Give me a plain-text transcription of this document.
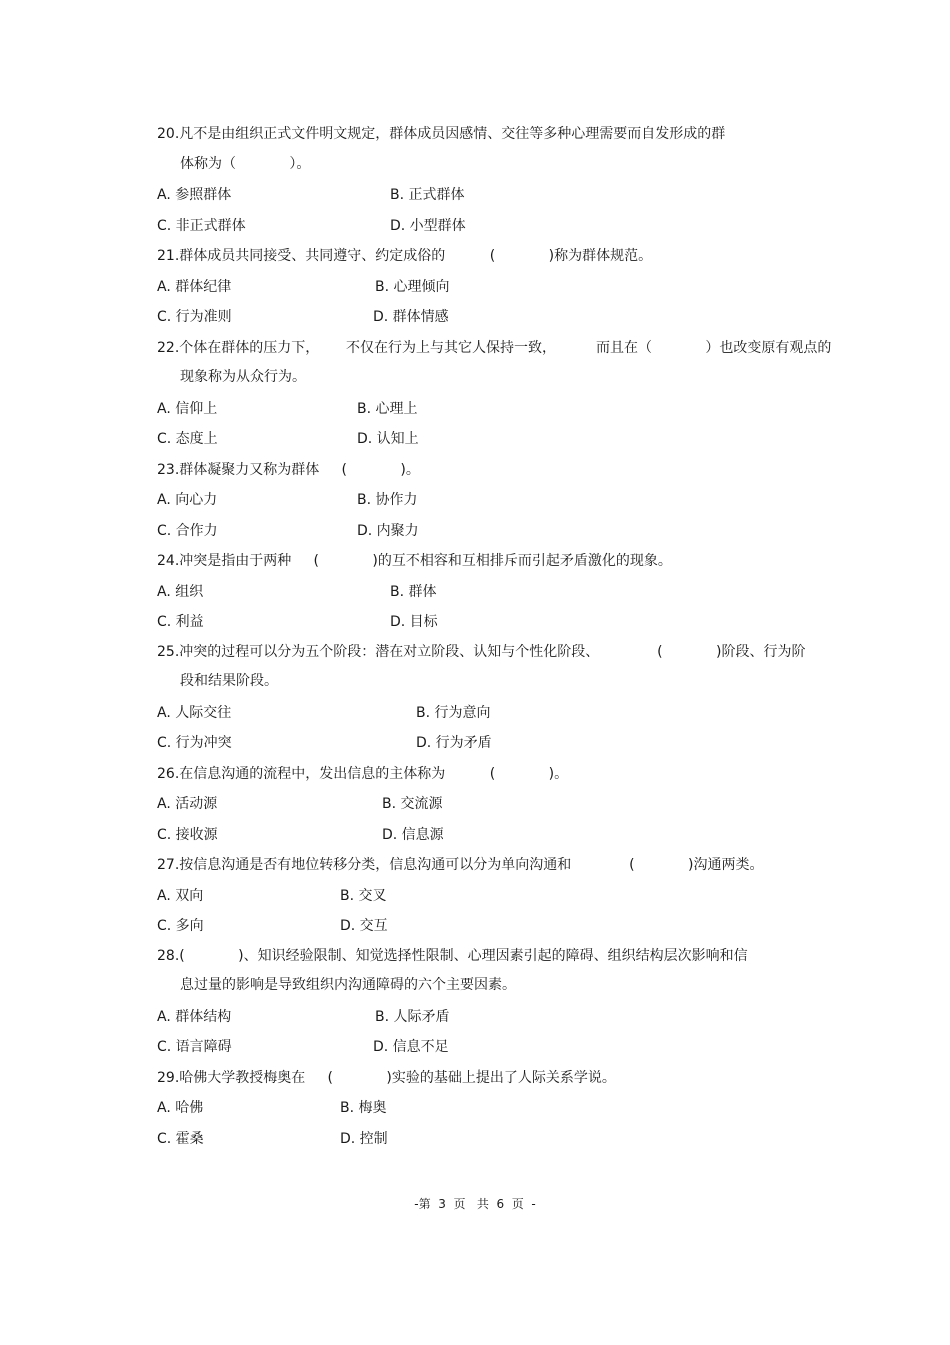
20.凡不是由组织正式文件明文规定，群体成员因感情、交往等多种心理需要而自发形成的群
体称为（            ）。
A. 参照群体	B. 正式群体
C. 非正式群体	D. 小型群体
21.群体成员共同接受、共同遵守、约定成俗的          (            )称为群体规范。
A. 群体纪律	B. 心理倾向
C. 行为准则	D. 群体情感
22.个体在群体的压力下，      不仅在行为上与其它人保持一致，         而且在（            ）也改变原有观点的
现象称为从众行为。
A. 信仰上	B. 心理上
C. 态度上	D. 认知上
23.群体凝聚力又称为群体     (            )。
A. 向心力	B. 协作力
C. 合作力	D. 内聚力
24.冲突是指由于两种     (            )的互不相容和互相排斥而引起矛盾激化的现象。
A. 组织	B. 群体
C. 利益	D. 目标
25.冲突的过程可以分为五个阶段：潜在对立阶段、认知与个性化阶段、             (            )阶段、行为阶
段和结果阶段。
A. 人际交往	B. 行为意向
C. 行为冲突	D. 行为矛盾
26.在信息沟通的流程中，发出信息的主体称为          (            )。
A. 活动源	B. 交流源
C. 接收源	D. 信息源
27.按信息沟通是否有地位转移分类，信息沟通可以分为单向沟通和             (            )沟通两类。
A. 双向	B. 交叉
C. 多向	D. 交互
28.(            )、知识经验限制、知觉选择性限制、心理因素引起的障碍、组织结构层次影响和信
息过量的影响是导致组织内沟通障碍的六个主要因素。
A. 群体结构	B. 人际矛盾
C. 语言障碍	D. 信息不足
29.哈佛大学教授梅奥在     (            )实验的基础上提出了人际关系学说。
A. 哈佛	B. 梅奥
C. 霍桑	D. 控制
-第  3  页   共  6  页  -
